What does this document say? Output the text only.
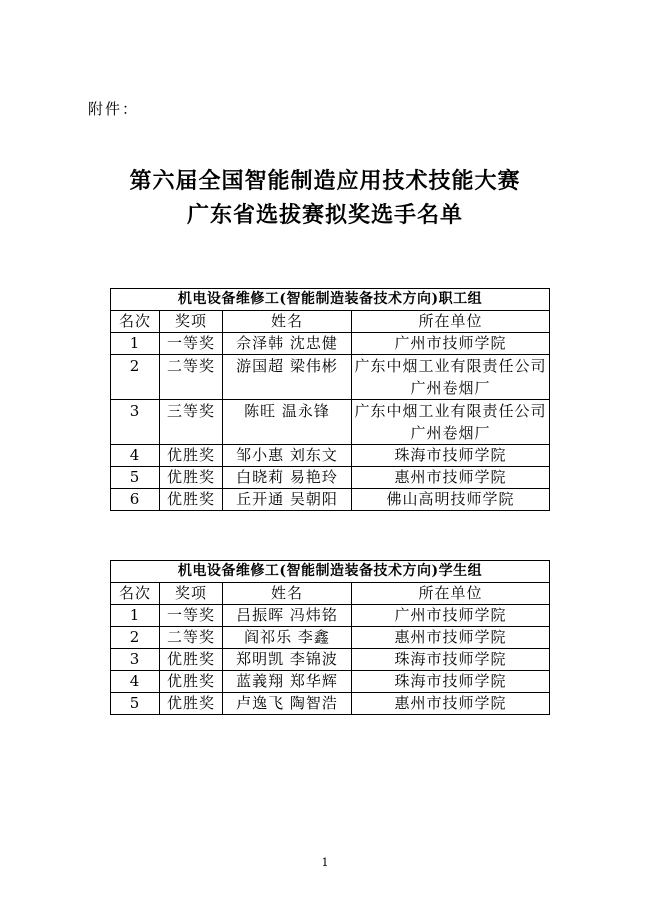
附件：
第六届全国智能制造应用技术技能大赛
广东省选拔赛拟奖选手名单
机电设备维修工(智能制造装备技术方向)职工组			
名次	奖项	姓名	所在单位
1	一等奖	佘泽韩 沈忠健	广州市技师学院
2	二等奖	游国超 梁伟彬	广东中烟工业有限责任公司广州卷烟厂
3	三等奖	陈旺 温永锋	广东中烟工业有限责任公司广州卷烟厂
4	优胜奖	邹小惠 刘东文	珠海市技师学院
5	优胜奖	白晓莉 易艳玲	惠州市技师学院
6	优胜奖	丘开通 吴朝阳	佛山高明技师学院
机电设备维修工(智能制造装备技术方向)学生组			
名次	奖项	姓名	所在单位
1	一等奖	吕振晖 冯炜铭	广州市技师学院
2	二等奖	阎祁乐 李鑫	惠州市技师学院
3	优胜奖	郑明凯 李锦波	珠海市技师学院
4	优胜奖	蓝義翔 郑华辉	珠海市技师学院
5	优胜奖	卢逸飞 陶智浩	惠州市技师学院
1
